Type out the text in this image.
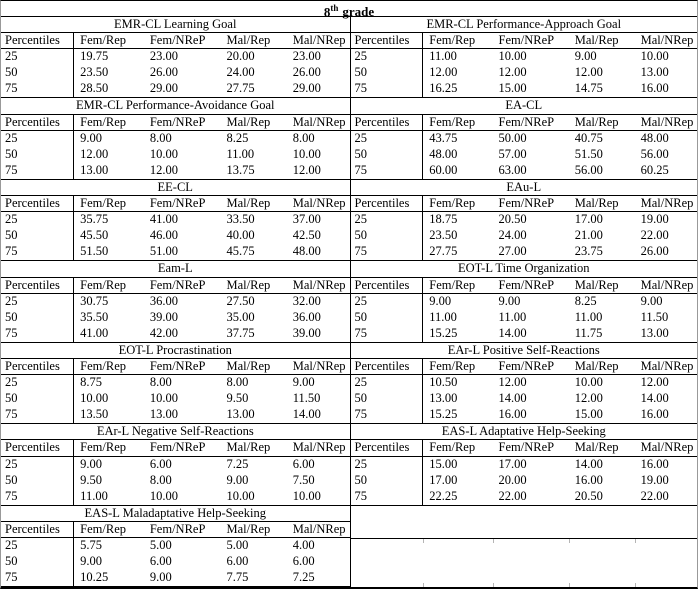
8th grade
EMR-CL Learning Goal
Percentiles	Fem/Rep	Fem/NReP	Mal/Rep	Mal/NRep
25	19.75	23.00	20.00	23.00
50	23.50	26.00	24.00	26.00
75	28.50	29.00	27.75	29.00
EMR-CL Performance-Avoidance Goal
Percentiles	Fem/Rep	Fem/NReP	Mal/Rep	Mal/NRep
25	9.00	8.00	8.25	8.00
50	12.00	10.00	11.00	10.00
75	13.00	12.00	13.75	12.00
EE-CL
Percentiles	Fem/Rep	Fem/NReP	Mal/Rep	Mal/NRep
25	35.75	41.00	33.50	37.00
50	45.50	46.00	40.00	42.50
75	51.50	51.00	45.75	48.00
Eam-L
Percentiles	Fem/Rep	Fem/NReP	Mal/Rep	Mal/NRep
25	30.75	36.00	27.50	32.00
50	35.50	39.00	35.00	36.00
75	41.00	42.00	37.75	39.00
EOT-L Procrastination
Percentiles	Fem/Rep	Fem/NReP	Mal/Rep	Mal/NRep
25	8.75	8.00	8.00	9.00
50	10.00	10.00	9.50	11.50
75	13.50	13.00	13.00	14.00
EAr-L Negative Self-Reactions
Percentiles	Fem/Rep	Fem/NReP	Mal/Rep	Mal/NRep
25	9.00	6.00	7.25	6.00
50	9.50	8.00	9.00	7.50
75	11.00	10.00	10.00	10.00
EAS-L Maladaptative Help-Seeking
Percentiles	Fem/Rep	Fem/NReP	Mal/Rep	Mal/NRep
25	5.75	5.00	5.00	4.00
50	9.00	6.00	6.00	6.00
75	10.25	9.00	7.75	7.25
EMR-CL Performance-Approach Goal
Percentiles	Fem/Rep	Fem/NReP	Mal/Rep	Mal/NRep
25	11.00	10.00	9.00	10.00
50	12.00	12.00	12.00	13.00
75	16.25	15.00	14.75	16.00
EA-CL
Percentiles	Fem/Rep	Fem/NReP	Mal/Rep	Mal/NRep
25	43.75	50.00	40.75	48.00
50	48.00	57.00	51.50	56.00
75	60.00	63.00	56.00	60.25
EAu-L
Percentiles	Fem/Rep	Fem/NReP	Mal/Rep	Mal/NRep
25	18.75	20.50	17.00	19.00
50	23.50	24.00	21.00	22.00
75	27.75	27.00	23.75	26.00
EOT-L Time Organization
Percentiles	Fem/Rep	Fem/NReP	Mal/Rep	Mal/NRep
25	9.00	9.00	8.25	9.00
50	11.00	11.00	11.00	11.50
75	15.25	14.00	11.75	13.00
EAr-L Positive Self-Reactions
Percentiles	Fem/Rep	Fem/NReP	Mal/Rep	Mal/NRep
25	10.50	12.00	10.00	12.00
50	13.00	14.00	12.00	14.00
75	15.25	16.00	15.00	16.00
EAS-L Adaptative Help-Seeking
Percentiles	Fem/Rep	Fem/NReP	Mal/Rep	Mal/NRep
25	15.00	17.00	14.00	16.00
50	17.00	20.00	16.00	19.00
75	22.25	22.00	20.50	22.00
